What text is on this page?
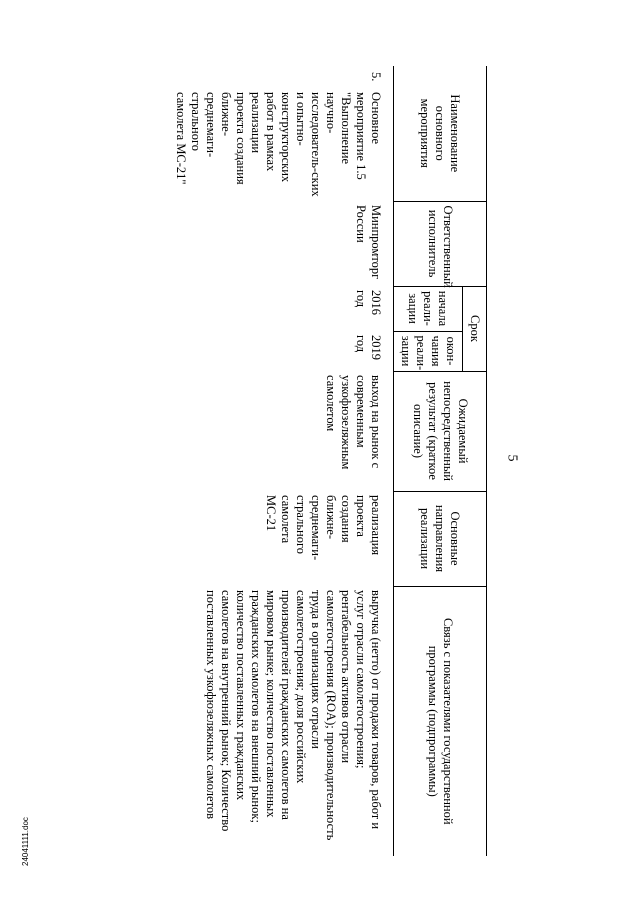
5
Наименование основного мероприятия	Ответственный исполнитель	Срок		Ожидаемый непосредственный результат (краткое описание)	Основные направления реализации	Связь с показателями государственной программы (подпрограммы)
		начала реали-зации	окон-чания реали-зации			

5.
Основное мероприятие 1.5 "Выполнение научно-исследователь-ских и опытно-конструкторских работ в рамках реализации проекта создания ближне-среднемаги-стрального самолета МС-21"	Минпромторг России	2016 год	2019 год	выход на рынок с современным узкофюзеляжным самолетом	реализация проекта создания ближне-среднемаги-стрального самолета МС-21	выручка (нетто) от продажи товаров, работ и услуг отрасли самолетостроения; рентабельность активов отрасли самолетостроения (ROA); производительность труда в организациях отрасли самолетостроения; доля российских производителей гражданских самолетов на мировом рынке; количество поставленных гражданских самолетов на внешний рынок; количество поставленных гражданских самолетов на внутренний рынок; Количество поставленных узкофюзеляжных самолетов
24041111.doc
